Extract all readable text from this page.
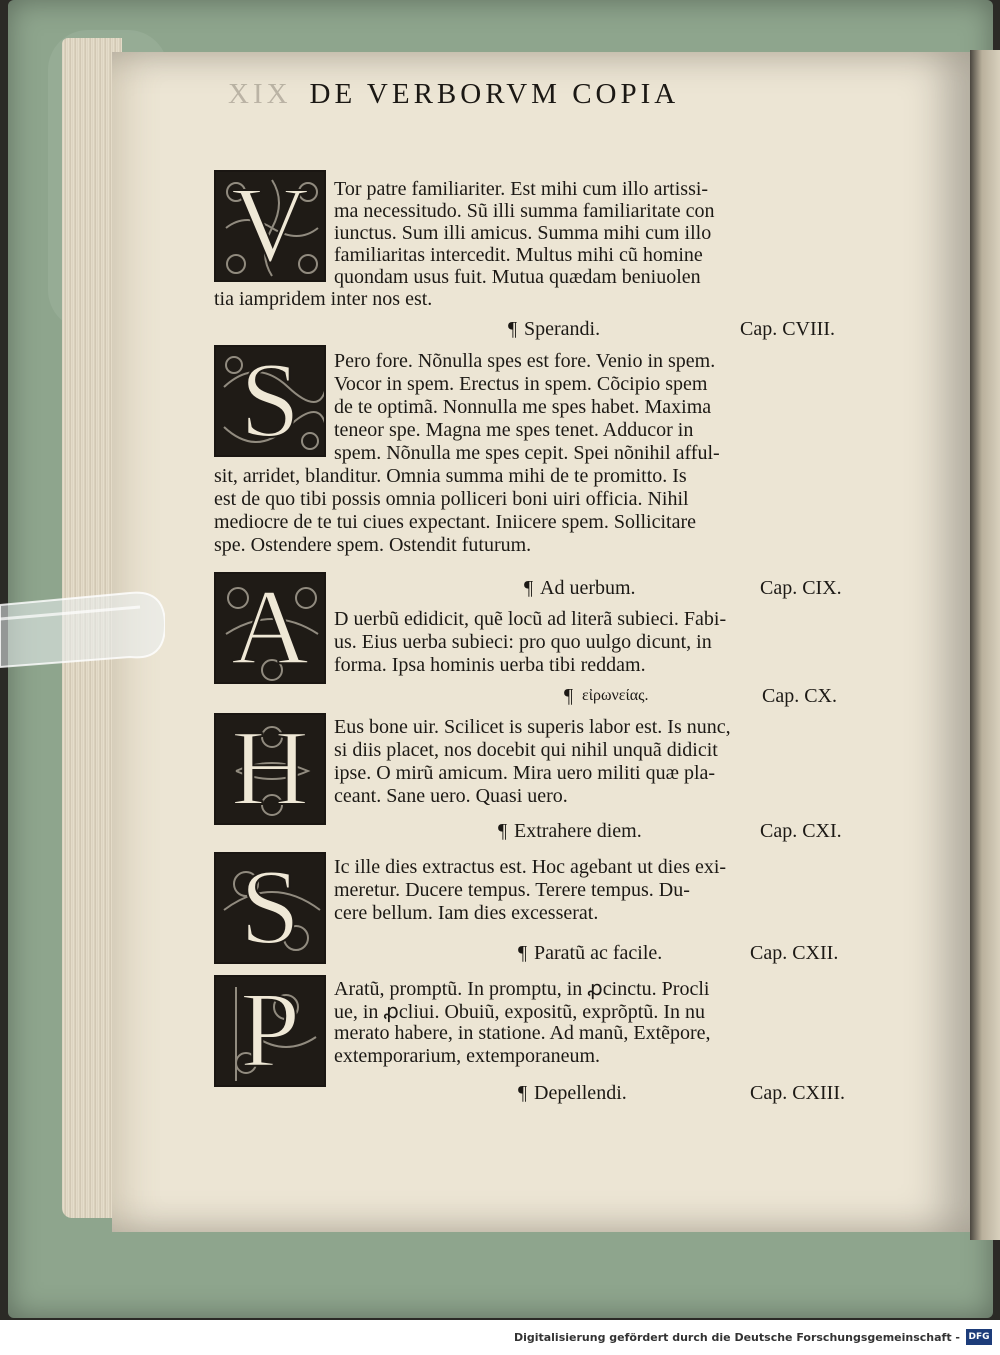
XIX DE VERBORVM COPIA
V	Tor patre familiariter. Est mihi cum illo artissi-
ma necessitudo. Sũ illi summa familiaritate con
iunctus. Sum illi amicus. Summa mihi cum illo
familiaritas intercedit. Multus mihi cũ homine
quondam usus fuit. Mutua quædam beniuolen
tia iampridem inter nos est.
¶ Sperandi.	Cap. CVIII.
S	Pero fore. Nõnulla spes est fore. Venio in spem.
Vocor in spem. Erectus in spem. Cõcipio spem
de te optimã. Nonnulla me spes habet. Maxima
teneor spe. Magna me spes tenet. Adducor in
spem. Nõnulla me spes cepit. Spei nõnihil afful-
sit, arridet, blanditur. Omnia summa mihi de te promitto. Is
est de quo tibi possis omnia polliceri boni uiri officia. Nihil
mediocre de te tui ciues expectant. Iniicere spem. Sollicitare
spe. Ostendere spem. Ostendit futurum.
¶ Ad uerbum.	Cap. CIX.
A	D uerbũ edidicit, quẽ locũ ad literã subieci. Fabi-
us. Eius uerba subieci: pro quo uulgo dicunt, in
forma. Ipsa hominis uerba tibi reddam.
¶ εἰρωνείας.	Cap. CX.
H	Eus bone uir. Scilicet is superis labor est. Is nunc,
si diis placet, nos docebit qui nihil unquã didicit
ipse. O mirũ amicum. Mira uero militi quæ pla-
ceant. Sane uero. Quasi uero.
¶ Extrahere diem.	Cap. CXI.
S	Ic ille dies extractus est. Hoc agebant ut dies exi-
meretur. Ducere tempus. Terere tempus. Du-
cere bellum. Iam dies excesserat.
¶ Paratũ ac facile.	Cap. CXII.
P	Aratũ, promptũ. In promptu, in ꝓcinctu. Procli
ue, in ꝓcliui. Obuiũ, expositũ, exprõptũ. In nu
merato habere, in statione. Ad manũ, Extẽpore,
extemporarium, extemporaneum.
¶ Depellendi.	Cap. CXIII.
Digitalisierung gefördert durch die Deutsche Forschungsgemeinschaft - DFG
